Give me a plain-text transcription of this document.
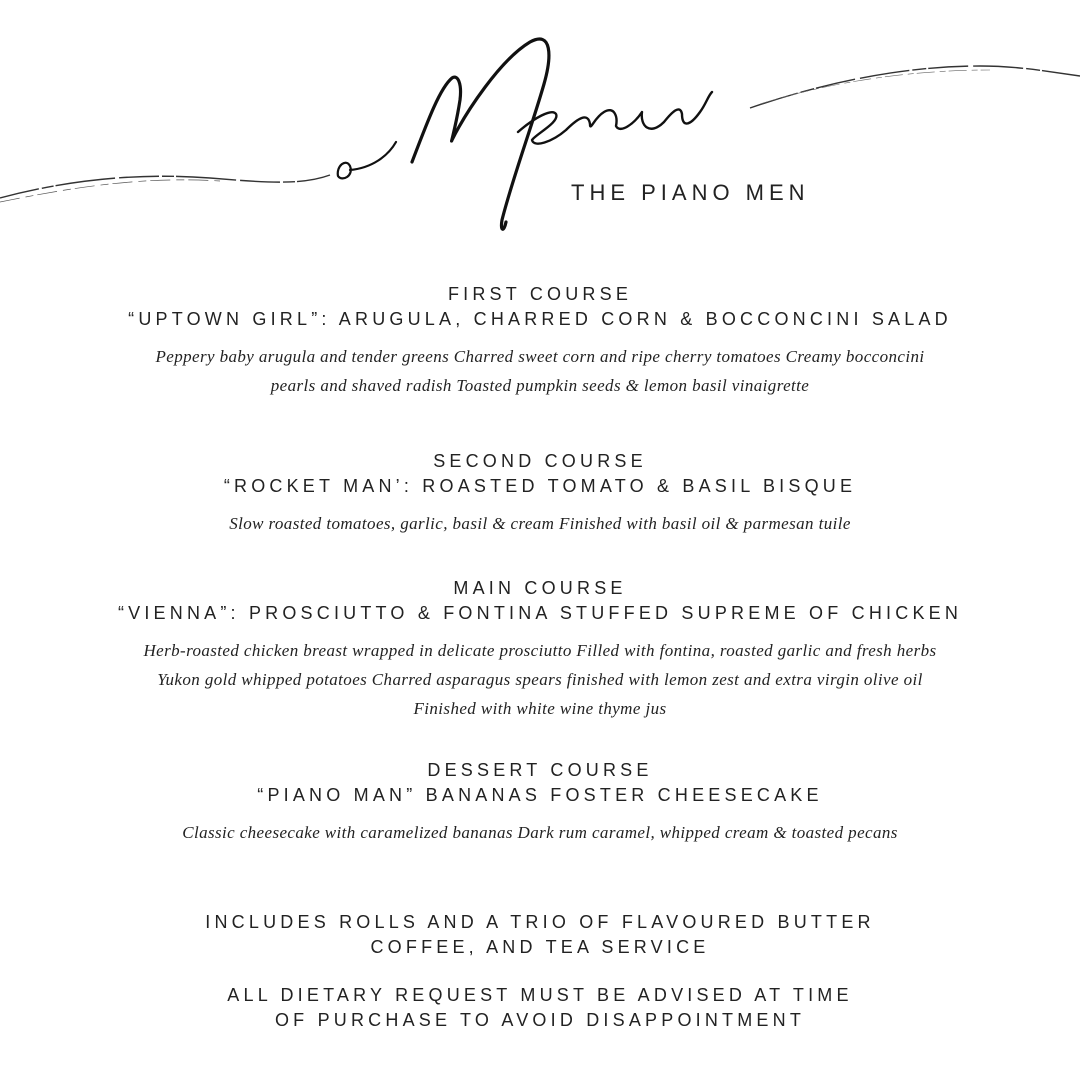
THE PIANO MEN
FIRST COURSE
“UPTOWN GIRL”: ARUGULA, CHARRED CORN & BOCCONCINI SALAD

Peppery baby arugula and tender greens Charred sweet corn and ripe cherry tomatoes Creamy bocconcini pearls and shaved radish Toasted pumpkin seeds & lemon basil vinaigrette

SECOND COURSE
“ROCKET MAN’: ROASTED TOMATO & BASIL BISQUE

Slow roasted tomatoes, garlic, basil & cream Finished with basil oil & parmesan tuile

MAIN COURSE
“VIENNA”: PROSCIUTTO & FONTINA STUFFED SUPREME OF CHICKEN

Herb-roasted chicken breast wrapped in delicate prosciutto Filled with fontina, roasted garlic and fresh herbs Yukon gold whipped potatoes Charred asparagus spears finished with lemon zest and extra virgin olive oil Finished with white wine thyme jus

DESSERT COURSE
“PIANO MAN” BANANAS FOSTER CHEESECAKE

Classic cheesecake with caramelized bananas Dark rum caramel, whipped cream & toasted pecans

INCLUDES ROLLS AND A TRIO OF FLAVOURED BUTTER
COFFEE, AND TEA SERVICE
ALL DIETARY REQUEST MUST BE ADVISED AT TIME
OF PURCHASE TO AVOID DISAPPOINTMENT
